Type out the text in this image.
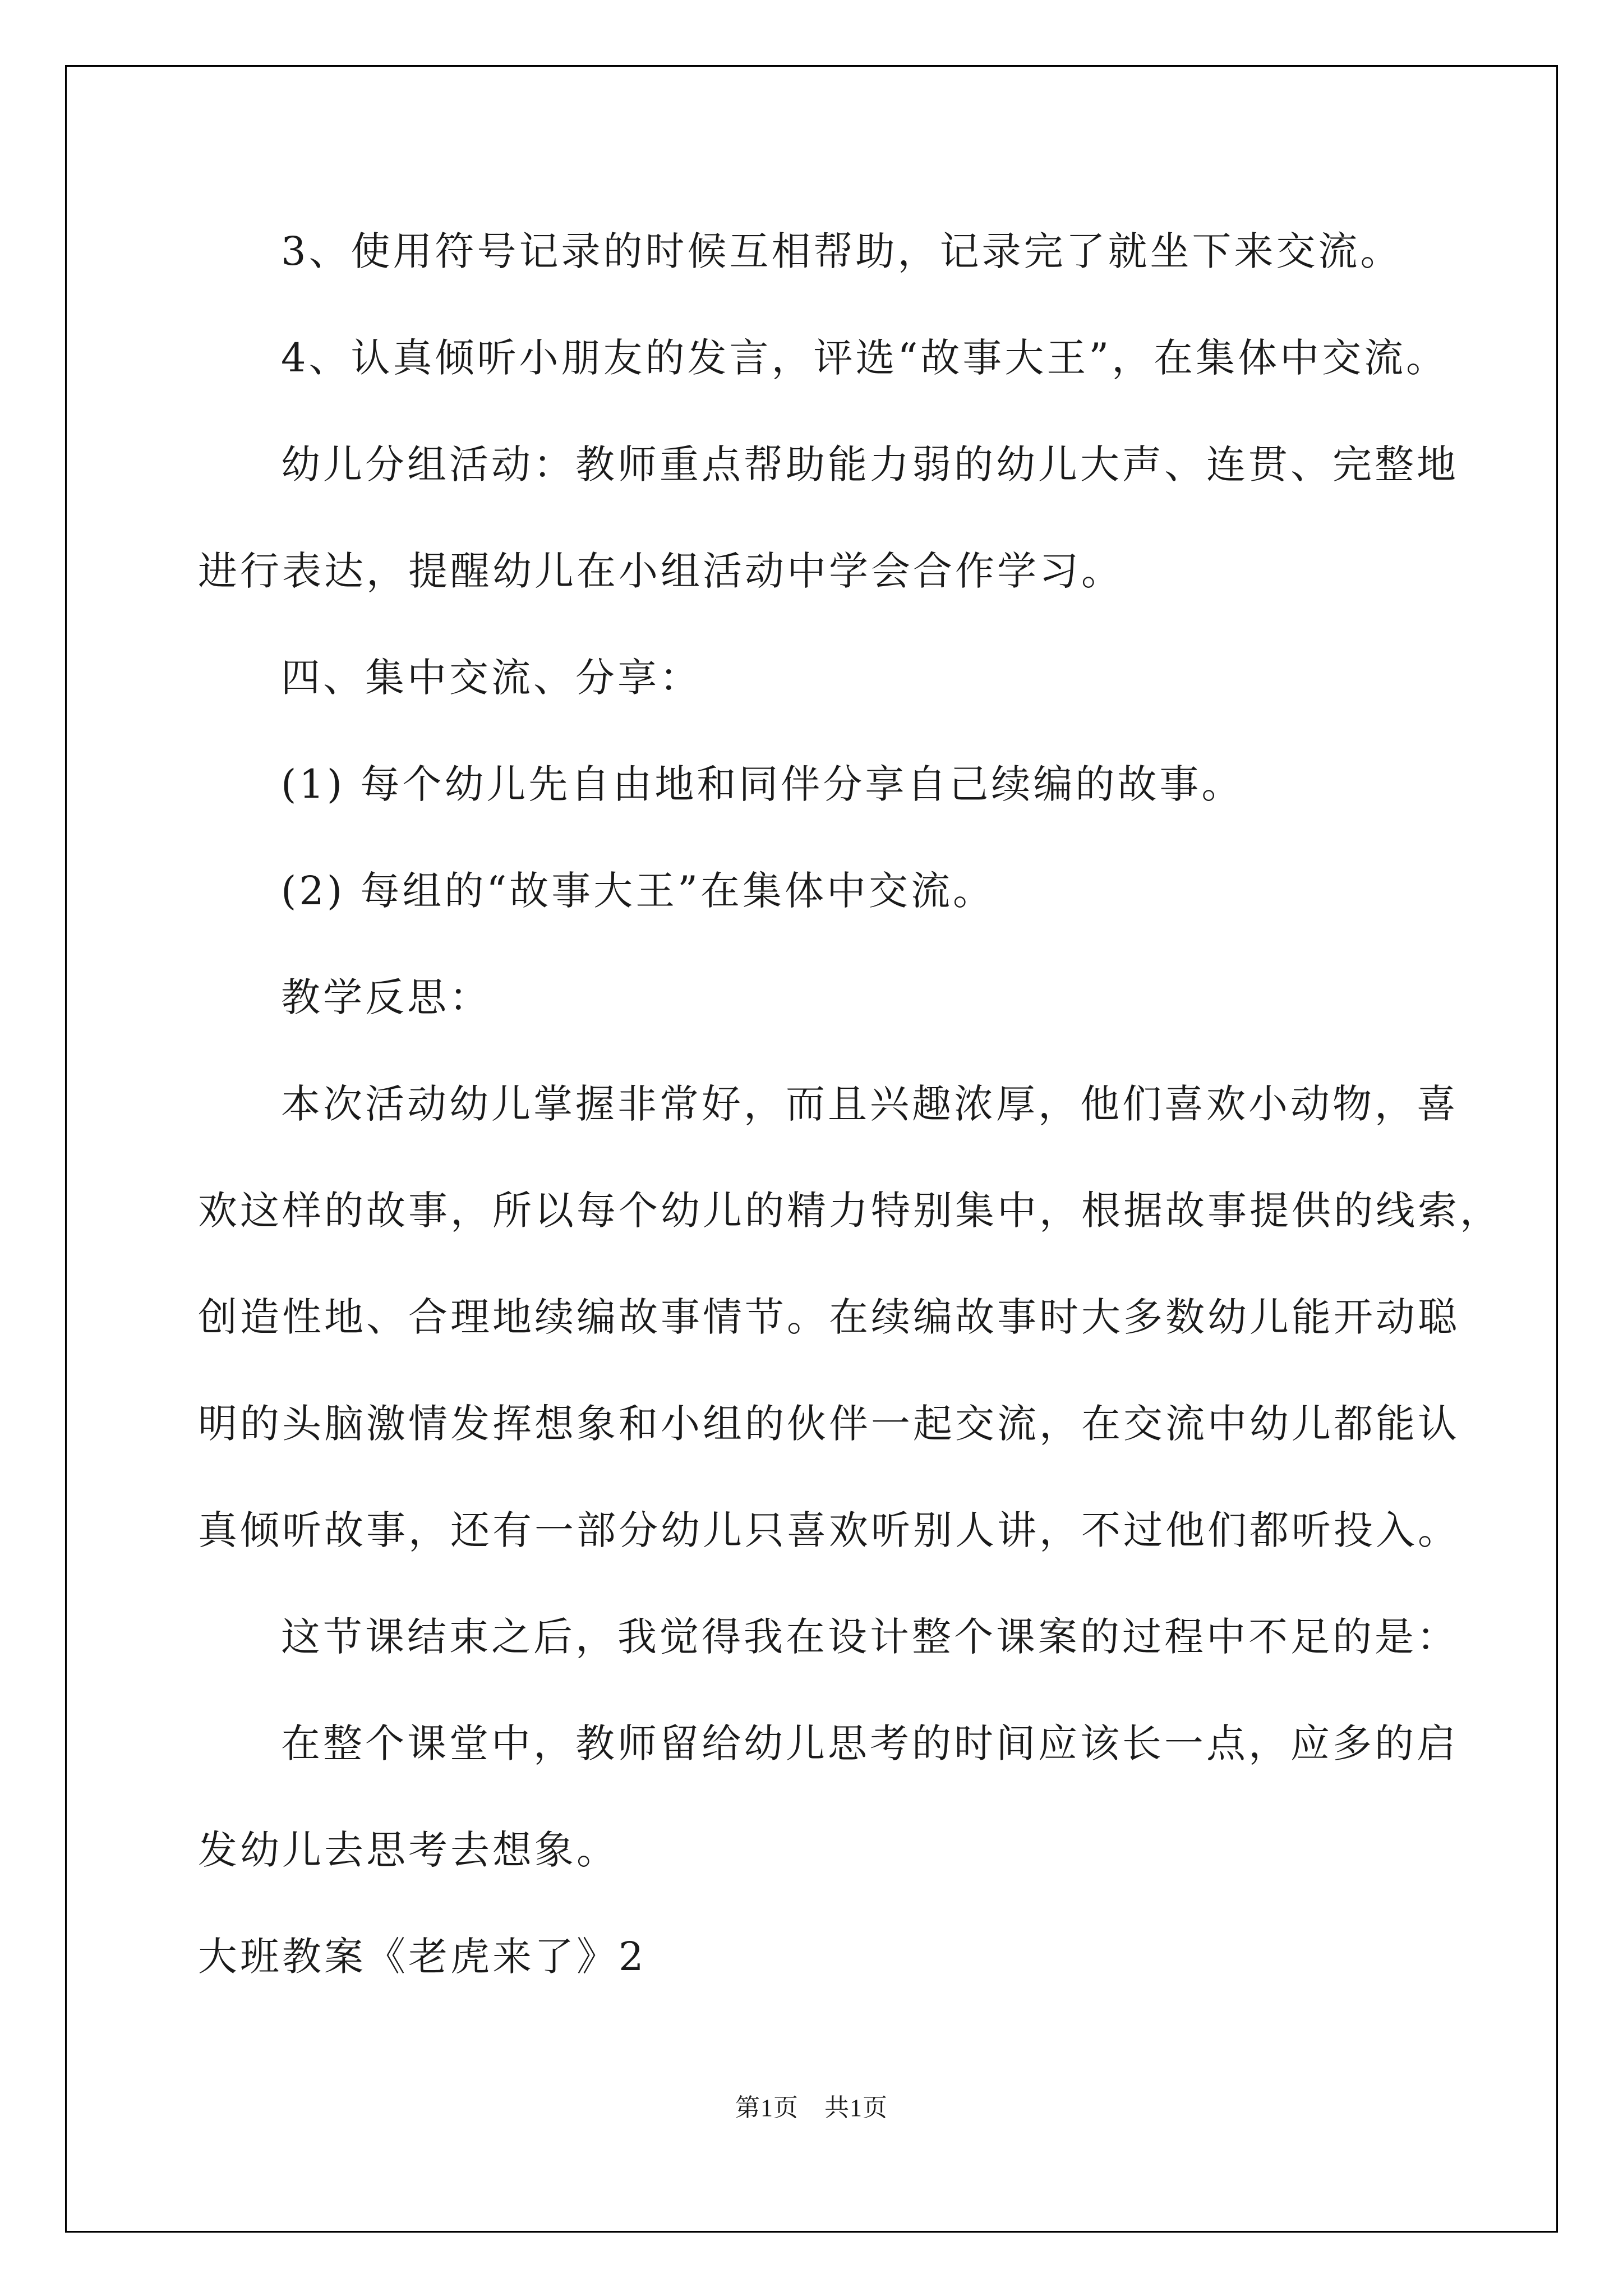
3、使用符号记录的时候互相帮助，记录完了就坐下来交流。
4、认真倾听小朋友的发言，评选“故事大王”，在集体中交流。
幼儿分组活动：教师重点帮助能力弱的幼儿大声、连贯、完整地
进行表达，提醒幼儿在小组活动中学会合作学习。
四、集中交流、分享：
(1) 每个幼儿先自由地和同伴分享自己续编的故事。
(2) 每组的“故事大王”在集体中交流。
教学反思：
本次活动幼儿掌握非常好，而且兴趣浓厚，他们喜欢小动物，喜
欢这样的故事，所以每个幼儿的精力特别集中，根据故事提供的线索，
创造性地、合理地续编故事情节。在续编故事时大多数幼儿能开动聪
明的头脑激情发挥想象和小组的伙伴一起交流，在交流中幼儿都能认
真倾听故事，还有一部分幼儿只喜欢听别人讲，不过他们都听投入。
这节课结束之后，我觉得我在设计整个课案的过程中不足的是：
在整个课堂中，教师留给幼儿思考的时间应该长一点，应多的启
发幼儿去思考去想象。
大班教案《老虎来了》2
第1页 共1页
